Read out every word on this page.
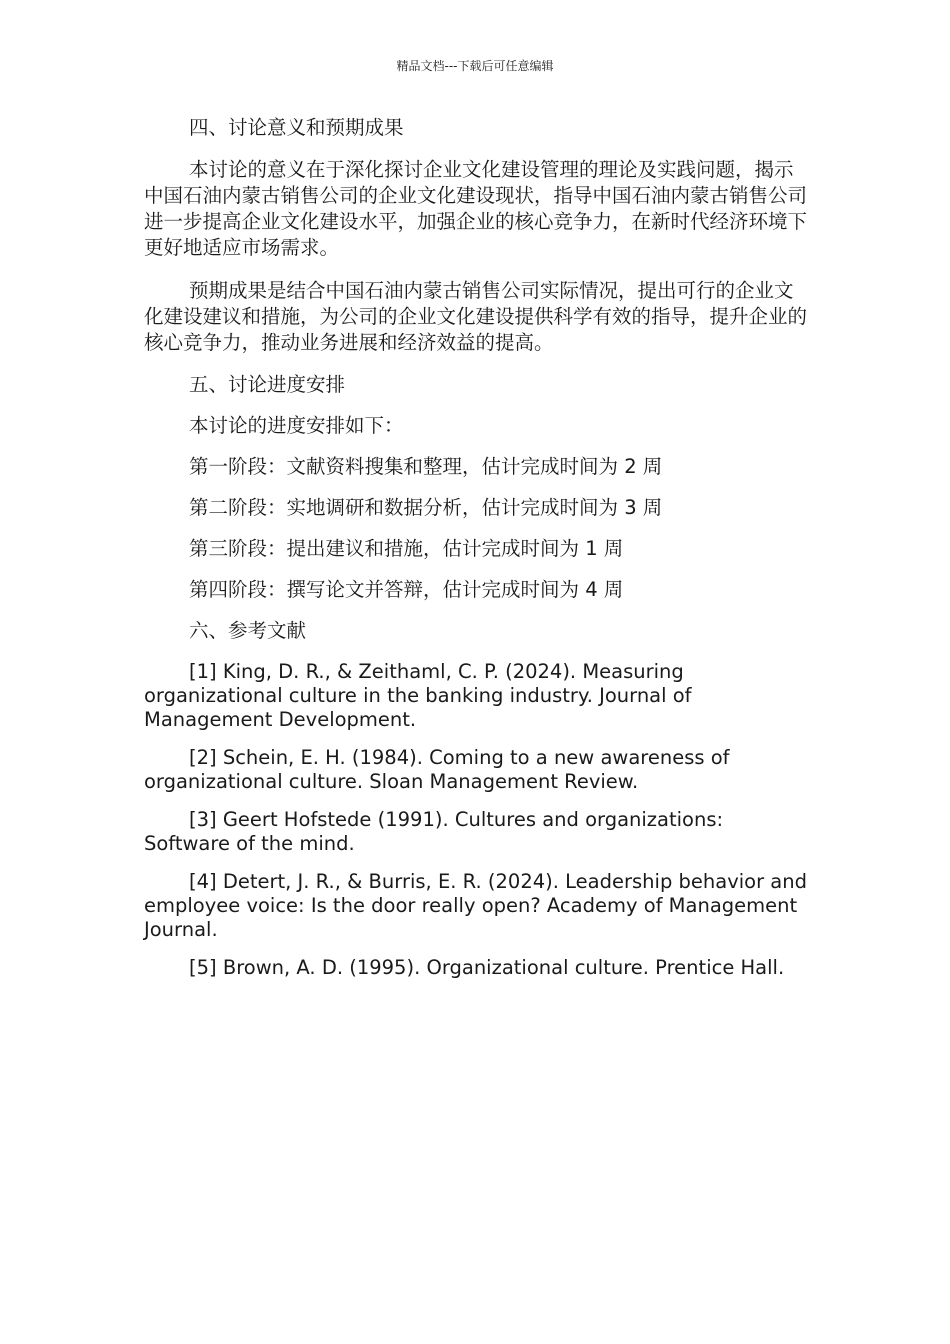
精品文档---下载后可任意编辑

四、讨论意义和预期成果

本讨论的意义在于深化探讨企业文化建设管理的理论及实践问题，揭示中国石油内蒙古销售公司的企业文化建设现状，指导中国石油内蒙古销售公司进一步提高企业文化建设水平，加强企业的核心竞争力，在新时代经济环境下更好地适应市场需求。

预期成果是结合中国石油内蒙古销售公司实际情况，提出可行的企业文化建设建议和措施，为公司的企业文化建设提供科学有效的指导，提升企业的核心竞争力，推动业务进展和经济效益的提高。

五、讨论进度安排

本讨论的进度安排如下：

第一阶段：文献资料搜集和整理，估计完成时间为 2 周

第二阶段：实地调研和数据分析，估计完成时间为 3 周

第三阶段：提出建议和措施，估计完成时间为 1 周

第四阶段：撰写论文并答辩，估计完成时间为 4 周

六、参考文献

[1] King, D. R., & Zeithaml, C. P. (2024). Measuring organizational culture in the banking industry. Journal of Management Development.

[2] Schein, E. H. (1984). Coming to a new awareness of organizational culture. Sloan Management Review.

[3] Geert Hofstede (1991). Cultures and organizations: Software of the mind.

[4] Detert, J. R., & Burris, E. R. (2024). Leadership behavior and employee voice: Is the door really open? Academy of Management Journal.

[5] Brown, A. D. (1995). Organizational culture. Prentice Hall.
